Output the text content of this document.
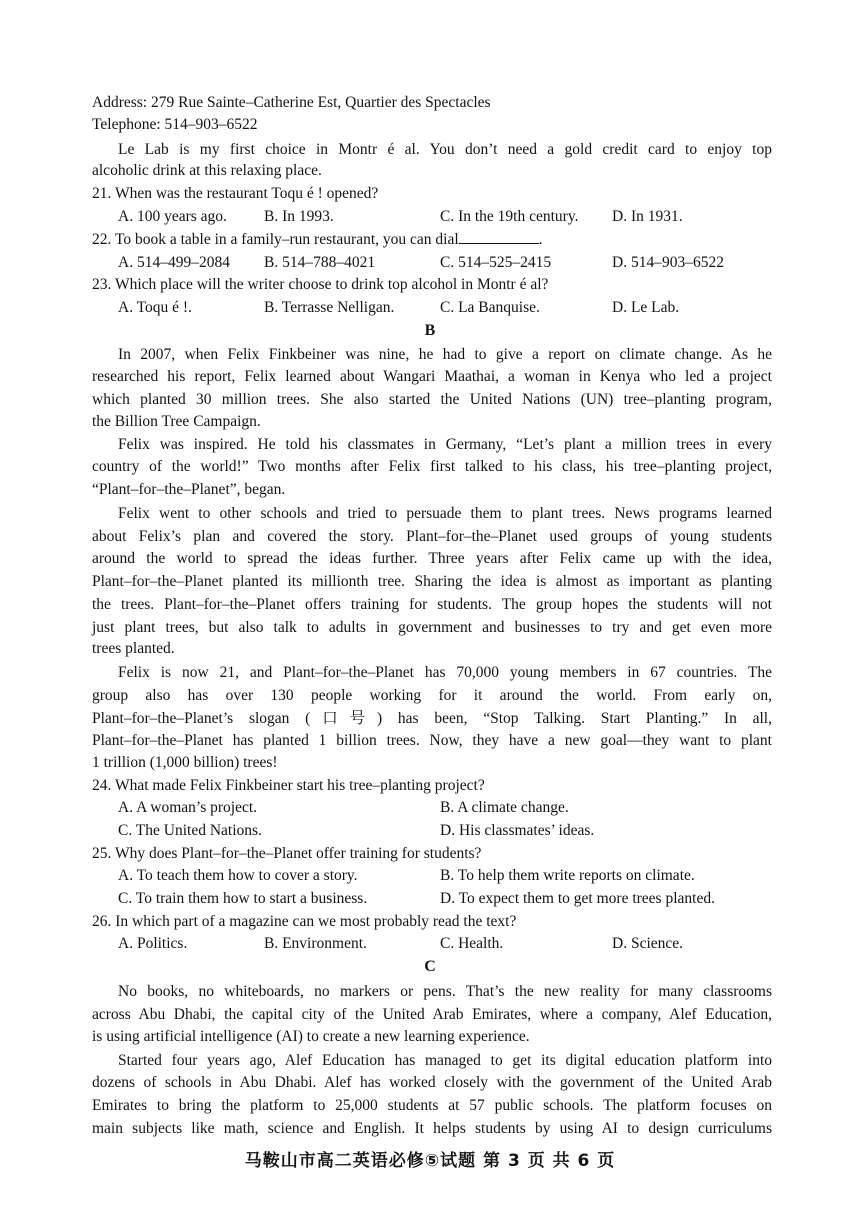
Address: 279 Rue Sainte–Catherine Est, Quartier des Spectacles
Telephone: 514–903–6522
Le Lab is my first choice in Montr é al. You don’t need a gold credit card to enjoy top
alcoholic drink at this relaxing place.
21. When was the restaurant Toqu é ! opened?
A. 100 years ago. B. In 1993.	C. In the 19th century. D. In 1931.
22. To book a table in a family–run restaurant, you can dial	.
A. 514–499–2084 B. 514–788–4021	C. 514–525–2415	D. 514–903–6522
23. Which place will the writer choose to drink top alcohol in Montr é al?
A. Toqu é !.	B. Terrasse Nelligan.	C. La Banquise.	D. Le Lab.
B
In 2007, when Felix Finkbeiner was nine, he had to give a report on climate change. As he
researched his report, Felix learned about Wangari Maathai, a woman in Kenya who led a project
which planted 30 million trees. She also started the United Nations (UN) tree–planting program,
the Billion Tree Campaign.
Felix was inspired. He told his classmates in Germany, “Let’s plant a million trees in every
country of the world!” Two months after Felix first talked to his class, his tree–planting project,
“Plant–for–the–Planet”, began.
Felix went to other schools and tried to persuade them to plant trees. News programs learned
about Felix’s plan and covered the story. Plant–for–the–Planet used groups of young students
around the world to spread the ideas further. Three years after Felix came up with the idea,
Plant–for–the–Planet planted its millionth tree. Sharing the idea is almost as important as planting
the trees. Plant–for–the–Planet offers training for students. The group hopes the students will not
just plant trees, but also talk to adults in government and businesses to try and get even more
trees planted.
Felix is now 21, and Plant–for–the–Planet has 70,000 young members in 67 countries. The
group also has over 130 people working for it around the world. From early on,
Plant–for–the–Planet’s slogan (口号) has been, “Stop Talking. Start Planting.” In all,
Plant–for–the–Planet has planted 1 billion trees. Now, they have a new goal—they want to plant
1 trillion (1,000 billion) trees!
24. What made Felix Finkbeiner start his tree–planting project?
A. A woman’s project.	B. A climate change.
C. The United Nations.	D. His classmates’ ideas.
25. Why does Plant–for–the–Planet offer training for students?
A. To teach them how to cover a story.	B. To help them write reports on climate.
C. To train them how to start a business.	D. To expect them to get more trees planted.
26. In which part of a magazine can we most probably read the text?
A. Politics.	B. Environment.	C. Health.	D. Science.
C
No books, no whiteboards, no markers or pens. That’s the new reality for many classrooms
across Abu Dhabi, the capital city of the United Arab Emirates, where a company, Alef Education,
is using artificial intelligence (AI) to create a new learning experience.
Started four years ago, Alef Education has managed to get its digital education platform into
dozens of schools in Abu Dhabi. Alef has worked closely with the government of the United Arab
Emirates to bring the platform to 25,000 students at 57 public schools. The platform focuses on
main subjects like math, science and English. It helps students by using AI to design curriculums
马鞍山市高二英语必修⑤试题 第 3 页 共 6 页
